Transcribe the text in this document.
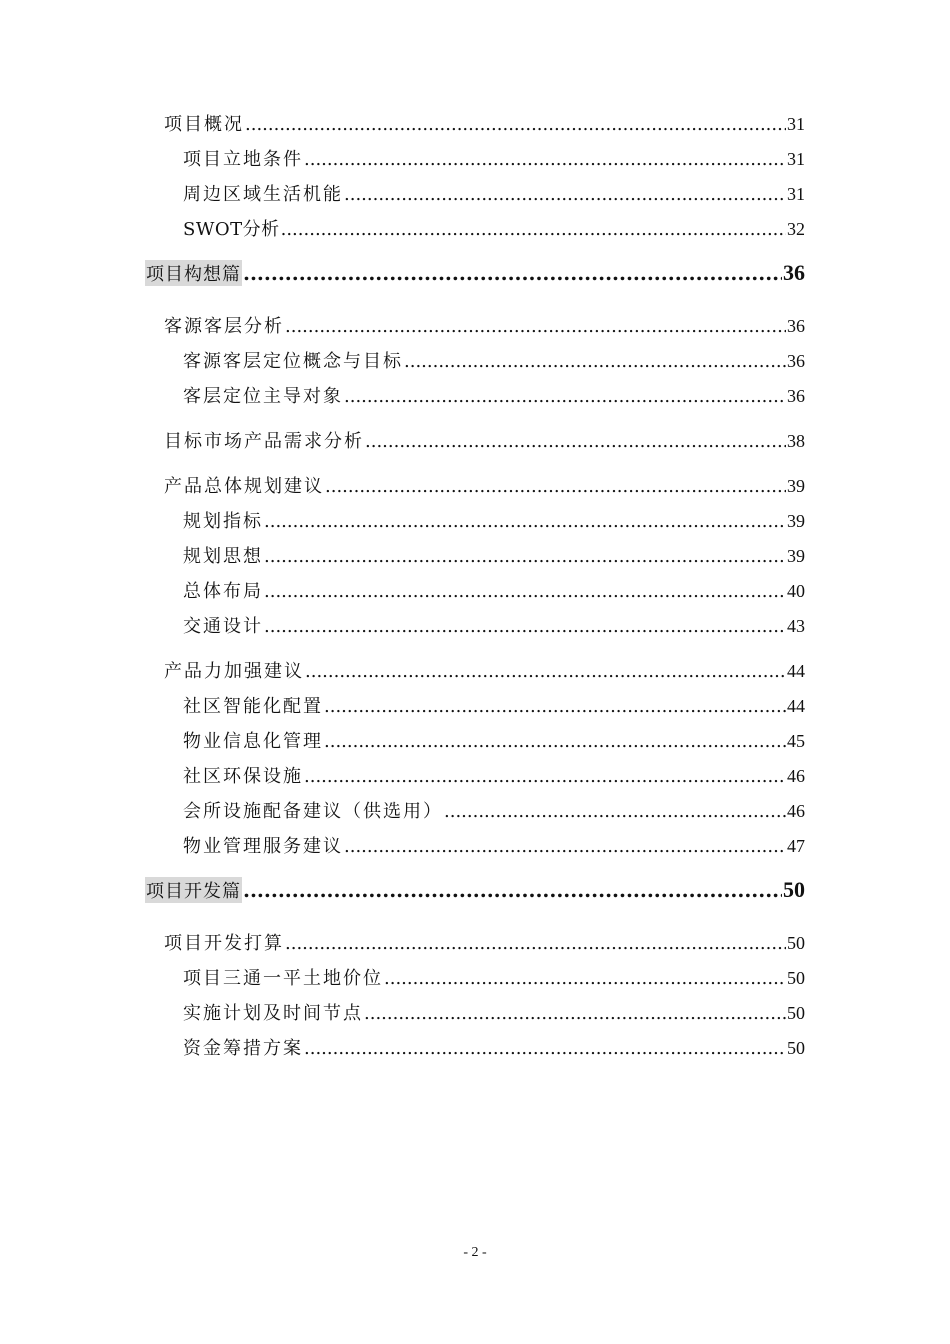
项目概况 .....	31
项目立地条件 .....	31
周边区域生活机能 .....	31
SWOT分析 .....	32
项目构想篇 .....	36
客源客层分析 .....	36
客源客层定位概念与目标 .....	36
客层定位主导对象 .....	36
目标市场产品需求分析 .....	38
产品总体规划建议 .....	39
规划指标 .....	39
规划思想 .....	39
总体布局 .....	40
交通设计 .....	43
产品力加强建议 .....	44
社区智能化配置 .....	44
物业信息化管理 .....	45
社区环保设施 .....	46
会所设施配备建议（供选用） .....	46
物业管理服务建议 .....	47
项目开发篇 .....	50
项目开发打算 .....	50
项目三通一平土地价位 .....	50
实施计划及时间节点 .....	50
资金筹措方案 .....	50
- 2 -
